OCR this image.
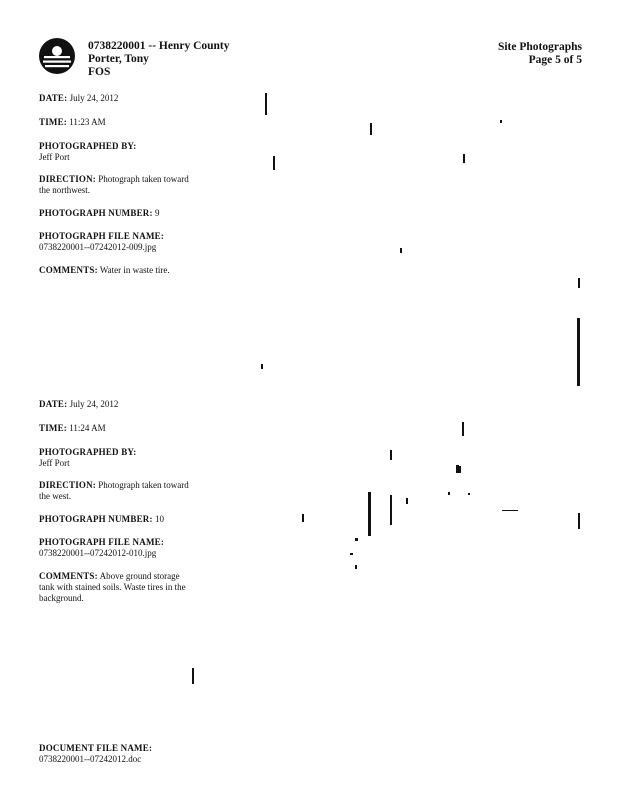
0738220001 -- Henry County
Porter, Tony
FOS
Site Photographs
Page 5 of 5
DATE: July 24, 2012
TIME: 11:23 AM
PHOTOGRAPHED BY:
Jeff Port
DIRECTION: Photograph taken toward the northwest.
PHOTOGRAPH NUMBER: 9
PHOTOGRAPH FILE NAME:
0738220001--07242012-009.jpg
COMMENTS: Water in waste tire.
DATE: July 24, 2012
TIME: 11:24 AM
PHOTOGRAPHED BY:
Jeff Port
DIRECTION: Photograph taken toward the west.
PHOTOGRAPH NUMBER: 10
PHOTOGRAPH FILE NAME:
0738220001--07242012-010.jpg
COMMENTS: Above ground storage tank with stained soils. Waste tires in the background.
DOCUMENT FILE NAME:
0738220001--07242012.doc
